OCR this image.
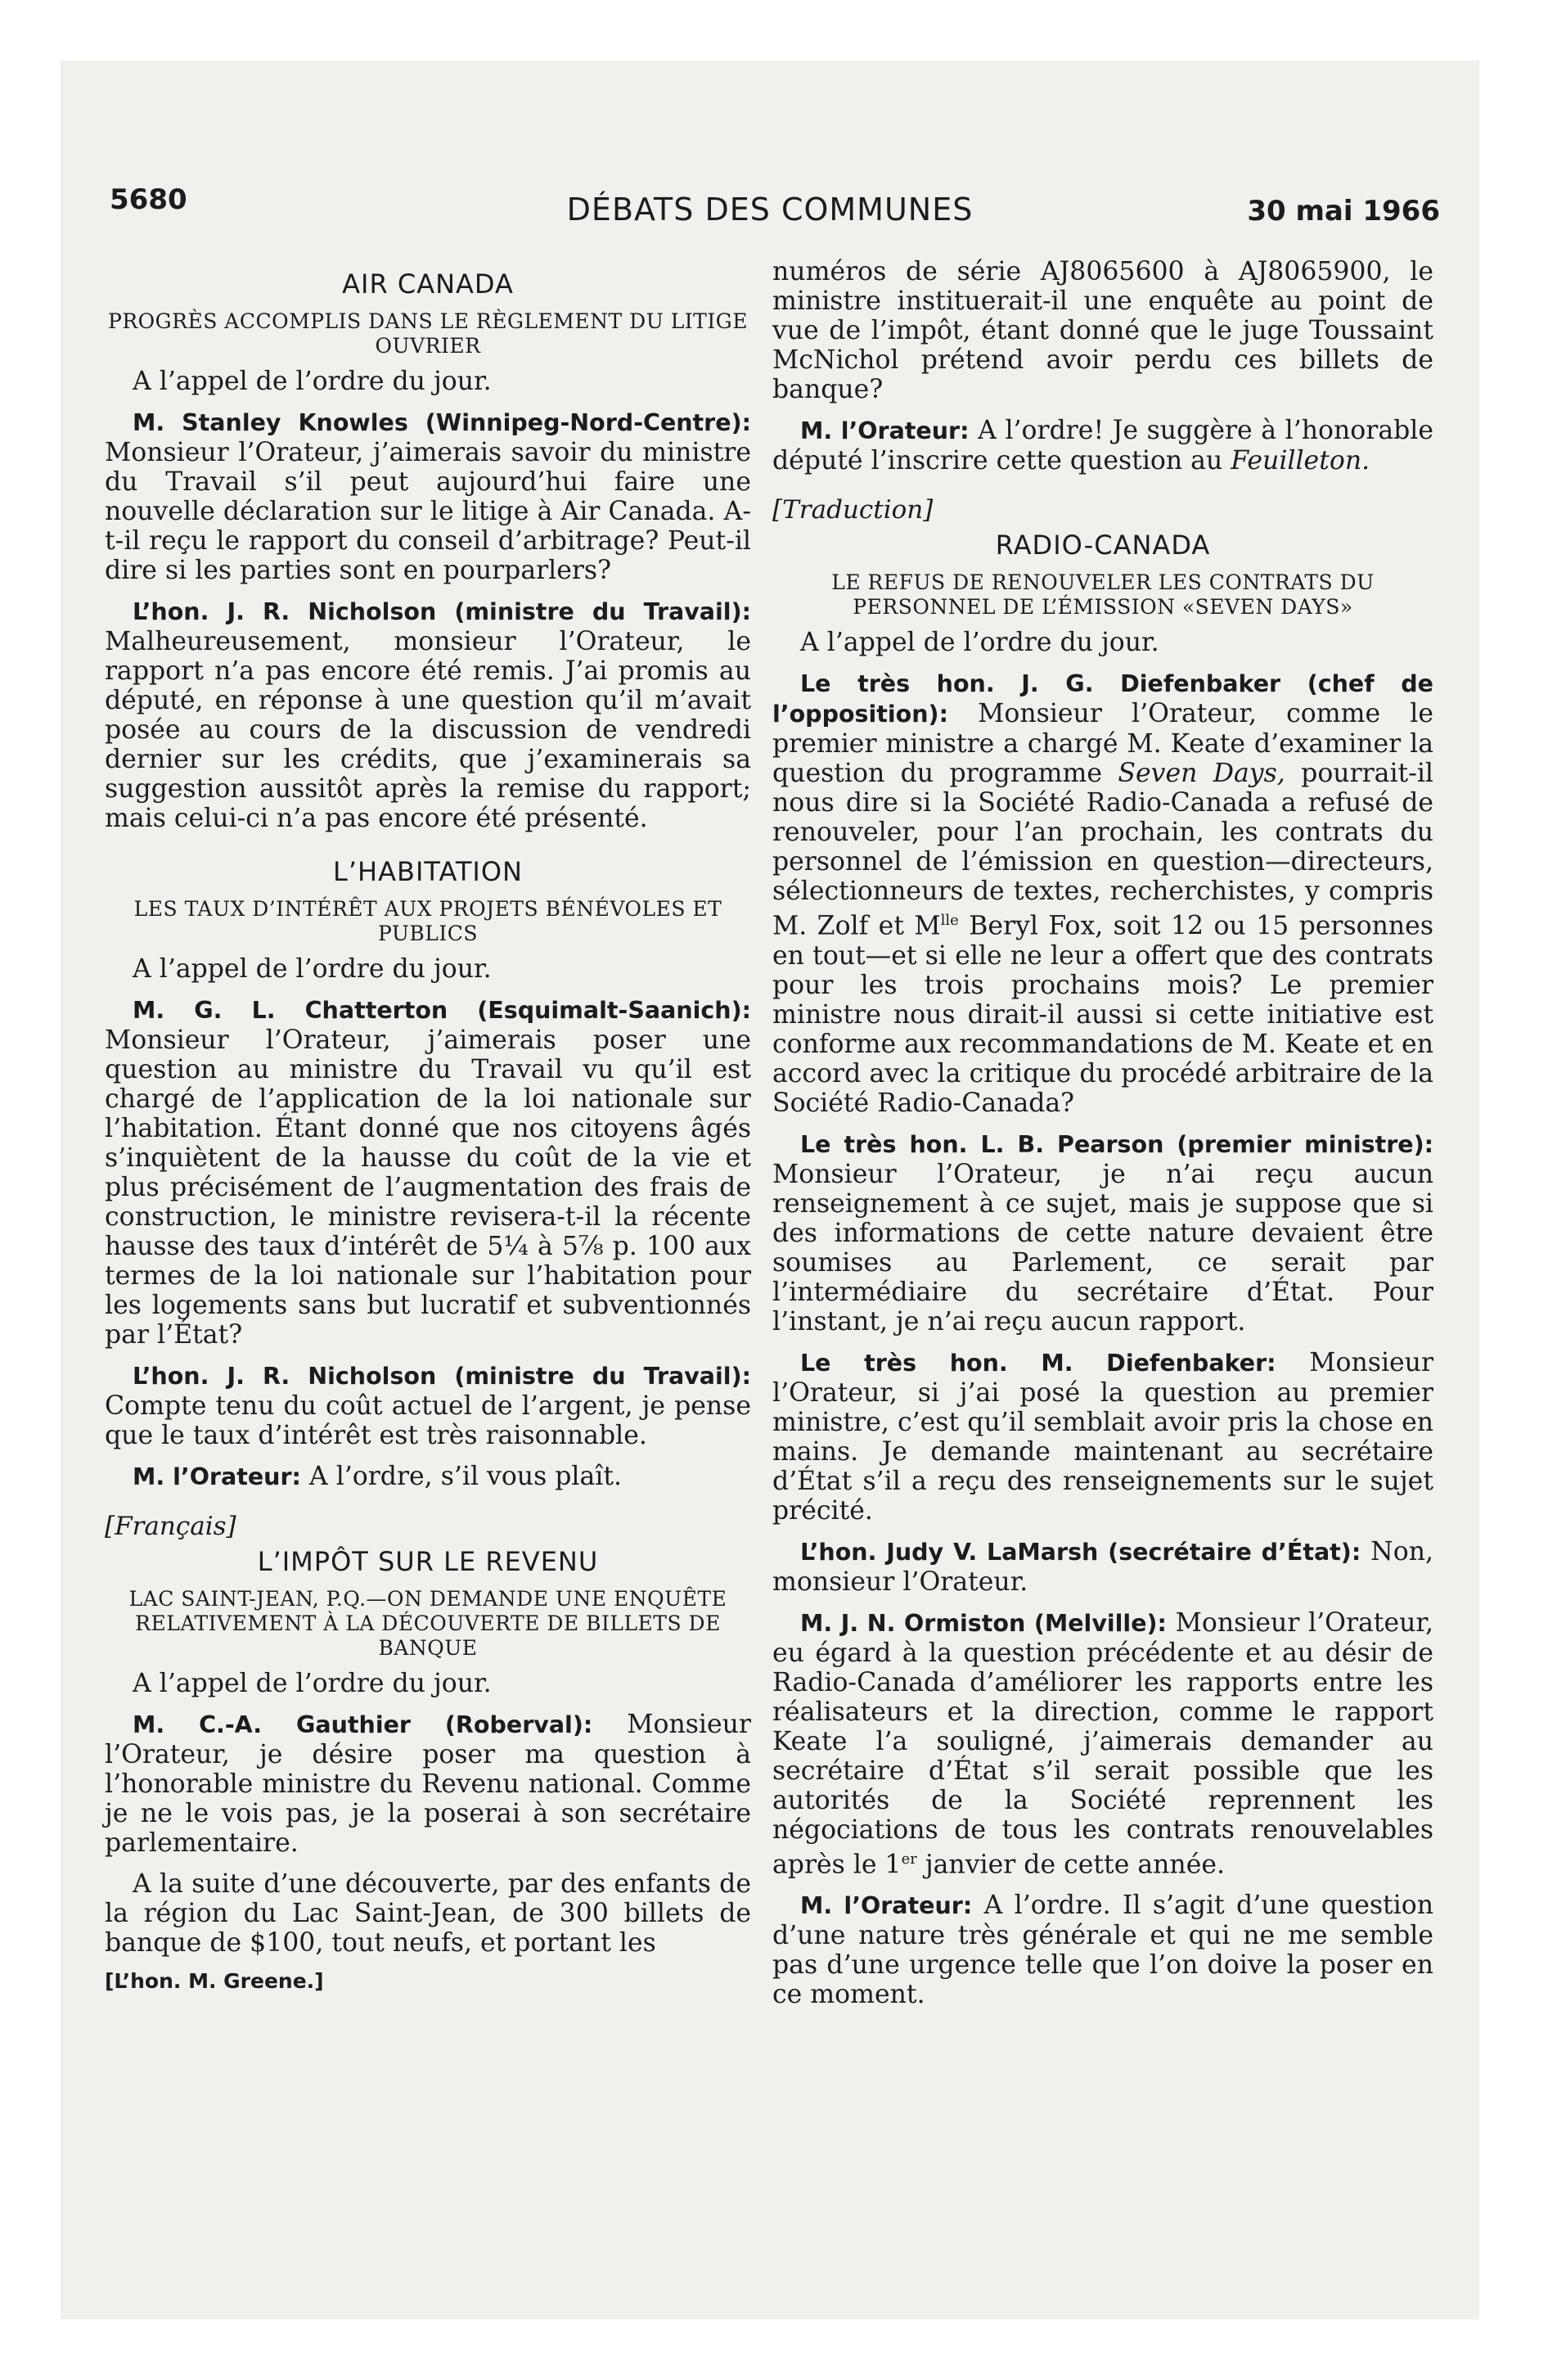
5680	DÉBATS DES COMMUNES	30 mai 1966
AIR CANADA
PROGRÈS ACCOMPLIS DANS LE RÈGLEMENT DU LITIGE OUVRIER

A l’appel de l’ordre du jour.

M. Stanley Knowles (Winnipeg-Nord-Centre): Monsieur l’Orateur, j’aimerais savoir du ministre du Travail s’il peut aujourd’hui faire une nouvelle déclaration sur le litige à Air Canada. A-t-il reçu le rapport du conseil d’arbitrage? Peut-il dire si les parties sont en pourparlers?

L’hon. J. R. Nicholson (ministre du Travail): Malheureusement, monsieur l’Orateur, le rapport n’a pas encore été remis. J’ai promis au député, en réponse à une question qu’il m’avait posée au cours de la discussion de vendredi dernier sur les crédits, que j’examinerais sa suggestion aussitôt après la remise du rapport; mais celui-ci n’a pas encore été présenté.

L’HABITATION
LES TAUX D’INTÉRÊT AUX PROJETS BÉNÉVOLES ET PUBLICS

A l’appel de l’ordre du jour.

M. G. L. Chatterton (Esquimalt-Saanich): Monsieur l’Orateur, j’aimerais poser une question au ministre du Travail vu qu’il est chargé de l’application de la loi nationale sur l’habitation. Étant donné que nos citoyens âgés s’inquiètent de la hausse du coût de la vie et plus précisément de l’augmentation des frais de construction, le ministre revisera-t-il la récente hausse des taux d’intérêt de 5¼ à 5⅞ p. 100 aux termes de la loi nationale sur l’habitation pour les logements sans but lucratif et subventionnés par l’État?

L’hon. J. R. Nicholson (ministre du Travail): Compte tenu du coût actuel de l’argent, je pense que le taux d’intérêt est très raisonnable.

M. l’Orateur: A l’ordre, s’il vous plaît.

[Français]
L’IMPÔT SUR LE REVENU
LAC SAINT-JEAN, P.Q.—ON DEMANDE UNE ENQUÊTE RELATIVEMENT À LA DÉCOUVERTE DE BILLETS DE BANQUE

A l’appel de l’ordre du jour.

M. C.-A. Gauthier (Roberval): Monsieur l’Orateur, je désire poser ma question à l’honorable ministre du Revenu national. Comme je ne le vois pas, je la poserai à son secrétaire parlementaire.

A la suite d’une découverte, par des enfants de la région du Lac Saint-Jean, de 300 billets de banque de $100, tout neufs, et portant les

[L’hon. M. Greene.]

numéros de série AJ8065600 à AJ8065900, le ministre instituerait-il une enquête au point de vue de l’impôt, étant donné que le juge Toussaint McNichol prétend avoir perdu ces billets de banque?

M. l’Orateur: A l’ordre! Je suggère à l’honorable député l’inscrire cette question au Feuilleton.

[Traduction]
RADIO-CANADA
LE REFUS DE RENOUVELER LES CONTRATS DU PERSONNEL DE L’ÉMISSION «SEVEN DAYS»

A l’appel de l’ordre du jour.

Le très hon. J. G. Diefenbaker (chef de l’opposition): Monsieur l’Orateur, comme le premier ministre a chargé M. Keate d’examiner la question du programme Seven Days, pourrait-il nous dire si la Société Radio-Canada a refusé de renouveler, pour l’an prochain, les contrats du personnel de l’émission en question—directeurs, sélectionneurs de textes, recherchistes, y compris M. Zolf et $M^{lle}$ Beryl Fox, soit 12 ou 15 personnes en tout—et si elle ne leur a offert que des contrats pour les trois prochains mois? Le premier ministre nous dirait-il aussi si cette initiative est conforme aux recommandations de M. Keate et en accord avec la critique du procédé arbitraire de la Société Radio-Canada?

Le très hon. L. B. Pearson (premier ministre): Monsieur l’Orateur, je n’ai reçu aucun renseignement à ce sujet, mais je suppose que si des informations de cette nature devaient être soumises au Parlement, ce serait par l’intermédiaire du secrétaire d’État. Pour l’instant, je n’ai reçu aucun rapport.

Le très hon. M. Diefenbaker: Monsieur l’Orateur, si j’ai posé la question au premier ministre, c’est qu’il semblait avoir pris la chose en mains. Je demande maintenant au secrétaire d’État s’il a reçu des renseignements sur le sujet précité.

L’hon. Judy V. LaMarsh (secrétaire d’État): Non, monsieur l’Orateur.

M. J. N. Ormiston (Melville): Monsieur l’Orateur, eu égard à la question précédente et au désir de Radio-Canada d’améliorer les rapports entre les réalisateurs et la direction, comme le rapport Keate l’a souligné, j’aimerais demander au secrétaire d’État s’il serait possible que les autorités de la Société reprennent les négociations de tous les contrats renouvelables après le 1er janvier de cette année.

M. l’Orateur: A l’ordre. Il s’agit d’une question d’une nature très générale et qui ne me semble pas d’une urgence telle que l’on doive la poser en ce moment.
